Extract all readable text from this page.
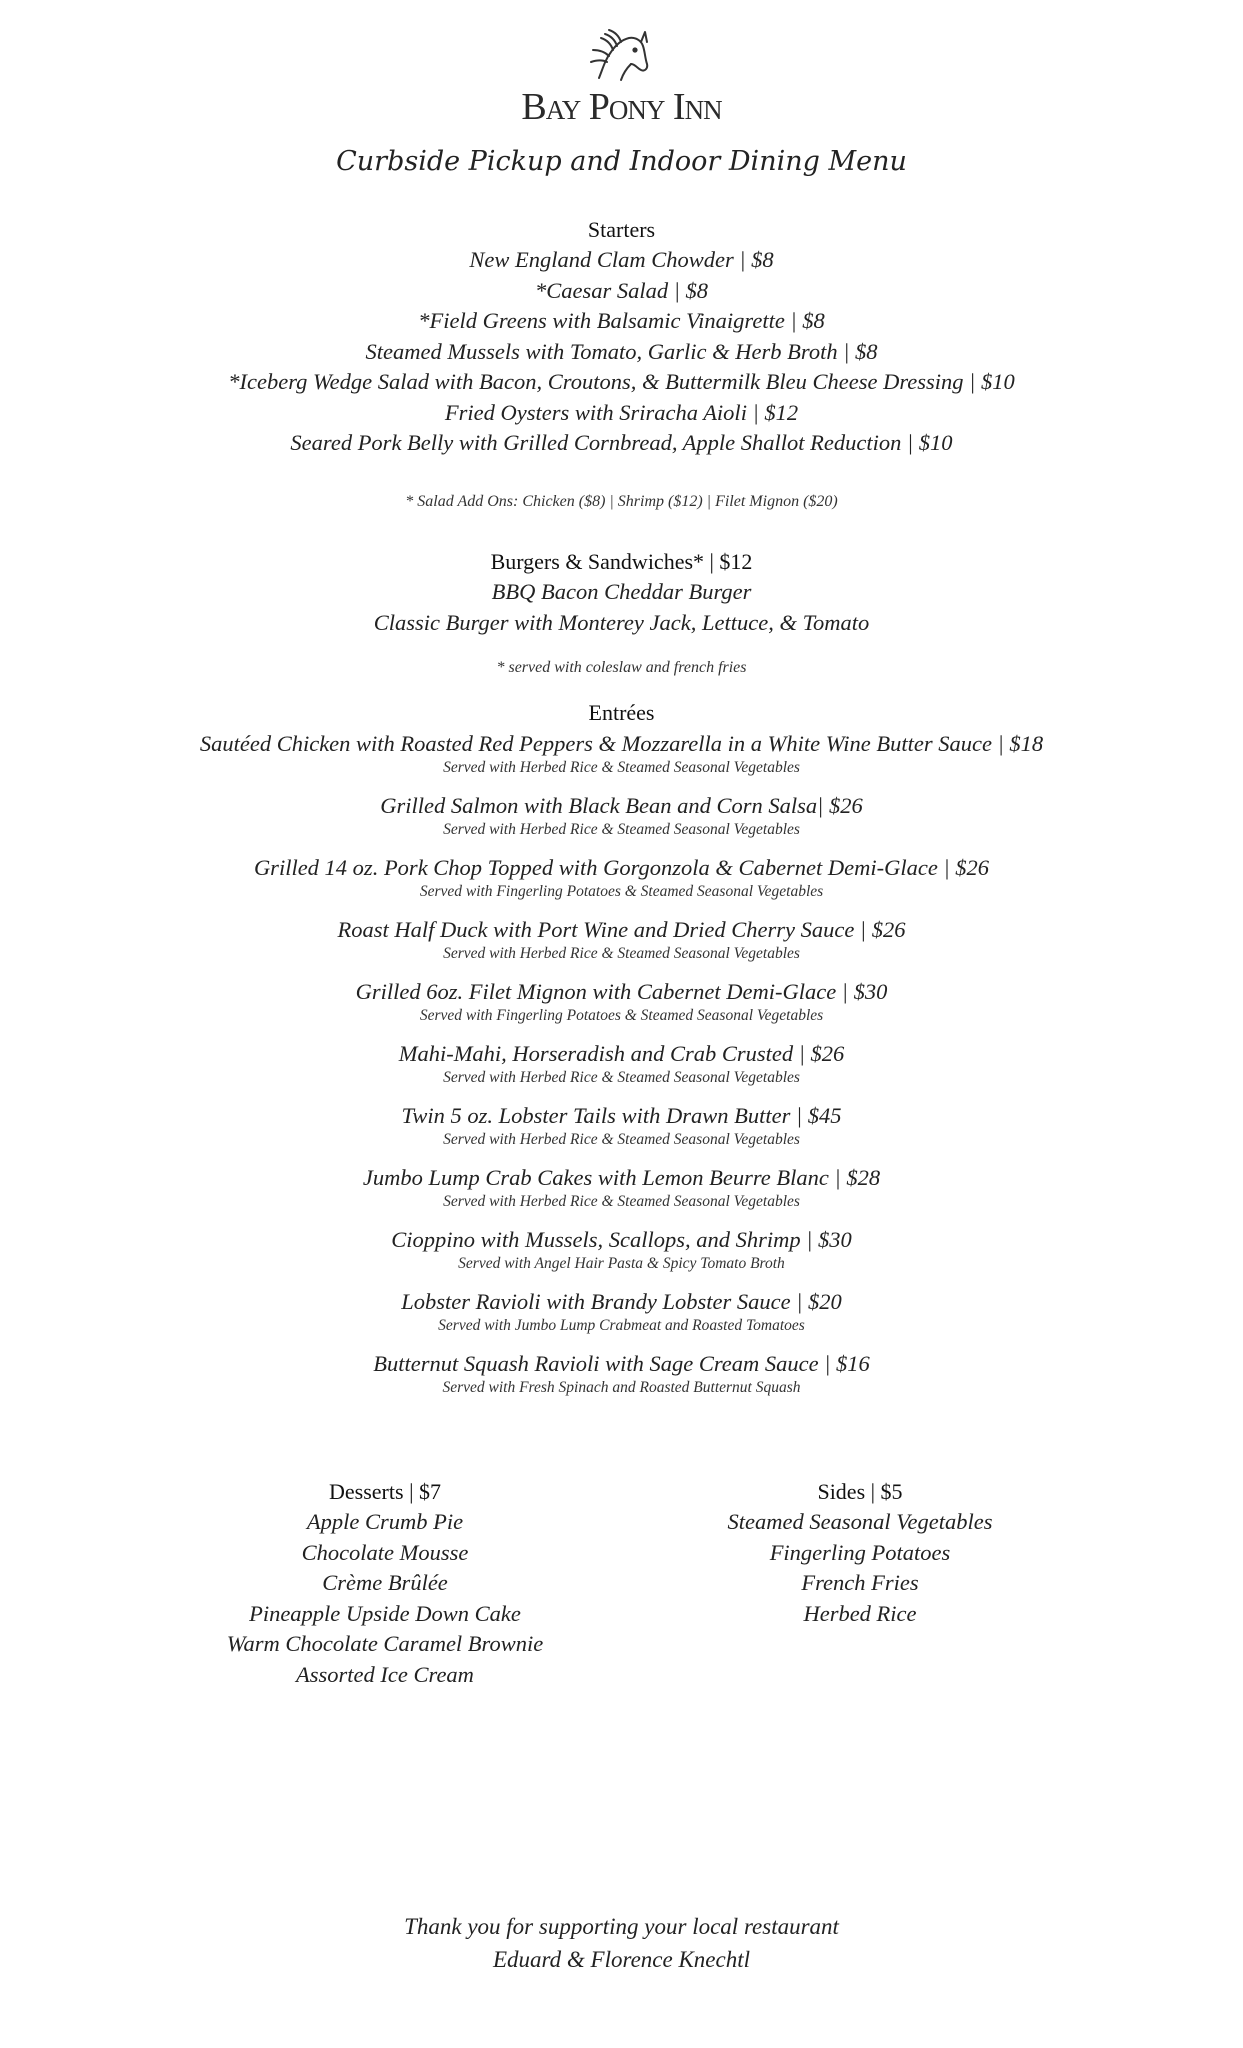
Bay Pony Inn
Curbside Pickup and Indoor Dining Menu
Starters
New England Clam Chowder | $8
*Caesar Salad | $8
*Field Greens with Balsamic Vinaigrette | $8
Steamed Mussels with Tomato, Garlic & Herb Broth | $8
*Iceberg Wedge Salad with Bacon, Croutons, & Buttermilk Bleu Cheese Dressing | $10
Fried Oysters with Sriracha Aioli | $12
Seared Pork Belly with Grilled Cornbread, Apple Shallot Reduction | $10
* Salad Add Ons: Chicken ($8) | Shrimp ($12) | Filet Mignon ($20)
Burgers & Sandwiches* | $12
BBQ Bacon Cheddar Burger
Classic Burger with Monterey Jack, Lettuce, & Tomato
* served with coleslaw and french fries
Entrées
Sautéed Chicken with Roasted Red Peppers & Mozzarella in a White Wine Butter Sauce | $18
Served with Herbed Rice & Steamed Seasonal Vegetables
Grilled Salmon with Black Bean and Corn Salsa| $26
Served with Herbed Rice & Steamed Seasonal Vegetables
Grilled 14 oz. Pork Chop Topped with Gorgonzola & Cabernet Demi-Glace | $26
Served with Fingerling Potatoes & Steamed Seasonal Vegetables
Roast Half Duck with Port Wine and Dried Cherry Sauce | $26
Served with Herbed Rice & Steamed Seasonal Vegetables
Grilled 6oz. Filet Mignon with Cabernet Demi-Glace | $30
Served with Fingerling Potatoes & Steamed Seasonal Vegetables
Mahi-Mahi, Horseradish and Crab Crusted | $26
Served with Herbed Rice & Steamed Seasonal Vegetables
Twin 5 oz. Lobster Tails with Drawn Butter | $45
Served with Herbed Rice & Steamed Seasonal Vegetables
Jumbo Lump Crab Cakes with Lemon Beurre Blanc | $28
Served with Herbed Rice & Steamed Seasonal Vegetables
Cioppino with Mussels, Scallops, and Shrimp | $30
Served with Angel Hair Pasta & Spicy Tomato Broth
Lobster Ravioli with Brandy Lobster Sauce | $20
Served with Jumbo Lump Crabmeat and Roasted Tomatoes
Butternut Squash Ravioli with Sage Cream Sauce | $16
Served with Fresh Spinach and Roasted Butternut Squash
Desserts | $7
Apple Crumb Pie
Chocolate Mousse
Crème Brûlée
Pineapple Upside Down Cake
Warm Chocolate Caramel Brownie
Assorted Ice Cream
Sides | $5
Steamed Seasonal Vegetables
Fingerling Potatoes
French Fries
Herbed Rice
Thank you for supporting your local restaurant
Eduard & Florence Knechtl
